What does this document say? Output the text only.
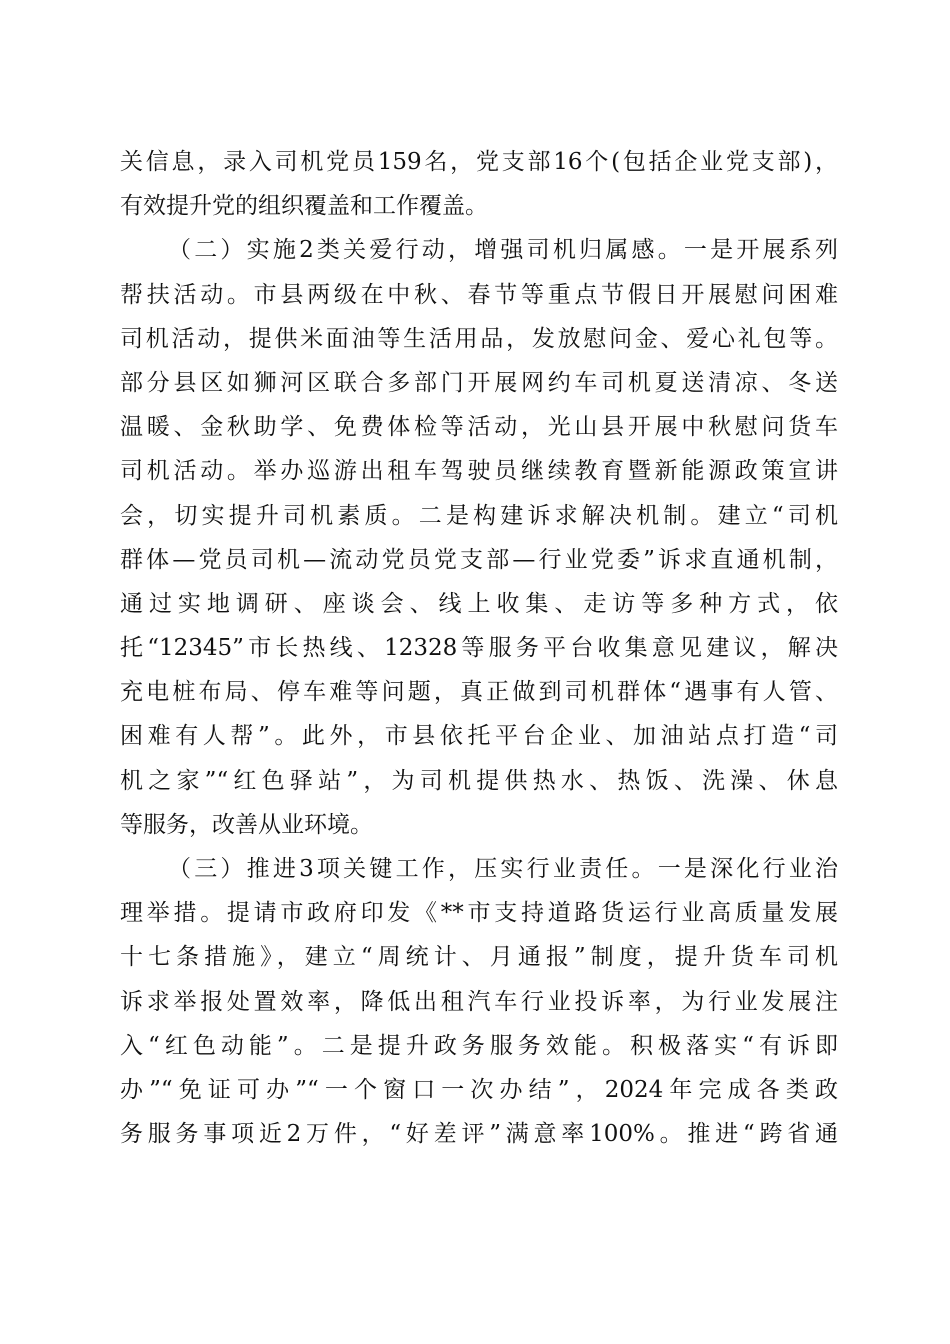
关信息，录入司机党员159名，党支部16个(包括企业党支部)，
有效提升党的组织覆盖和工作覆盖。
（二）实施2类关爱行动，增强司机归属感。一是开展系列
帮扶活动。市县两级在中秋、春节等重点节假日开展慰问困难
司机活动，提供米面油等生活用品，发放慰问金、爱心礼包等。
部分县区如狮河区联合多部门开展网约车司机夏送清凉、冬送
温暖、金秋助学、免费体检等活动，光山县开展中秋慰问货车
司机活动。举办巡游出租车驾驶员继续教育暨新能源政策宣讲
会，切实提升司机素质。二是构建诉求解决机制。建立“司机
群体—党员司机—流动党员党支部—行业党委”诉求直通机制，
通过实地调研、座谈会、线上收集、走访等多种方式，依
托“12345”市长热线、12328等服务平台收集意见建议，解决
充电桩布局、停车难等问题，真正做到司机群体“遇事有人管、
困难有人帮”。此外，市县依托平台企业、加油站点打造“司
机之家”“红色驿站”，为司机提供热水、热饭、洗澡、休息
等服务，改善从业环境。
（三）推进3项关键工作，压实行业责任。一是深化行业治
理举措。提请市政府印发《**市支持道路货运行业高质量发展
十七条措施》，建立“周统计、月通报”制度，提升货车司机
诉求举报处置效率，降低出租汽车行业投诉率，为行业发展注
入“红色动能”。二是提升政务服务效能。积极落实“有诉即
办”“免证可办”“一个窗口一次办结”，2024年完成各类政
务服务事项近2万件，“好差评”满意率100%。推进“跨省通
